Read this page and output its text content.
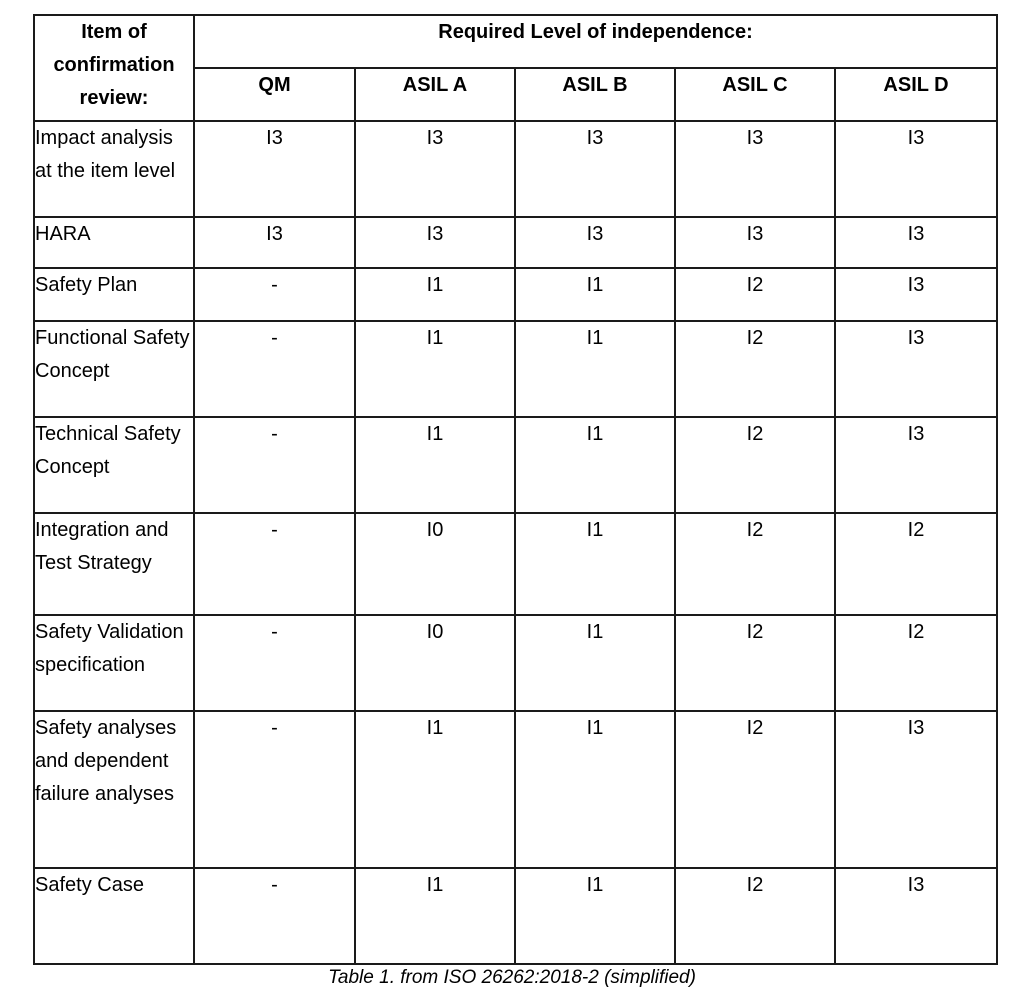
Item of confirmation review:	Required Level of independence:				
	QM	ASIL A	ASIL B	ASIL C	ASIL D
Impact analysis at the item level	I3	I3	I3	I3	I3
HARA	I3	I3	I3	I3	I3
Safety Plan	-	I1	I1	I2	I3
Functional Safety Concept	-	I1	I1	I2	I3
Technical Safety Concept	-	I1	I1	I2	I3
Integration and Test Strategy	-	I0	I1	I2	I2
Safety Validation specification	-	I0	I1	I2	I2
Safety analyses and dependent failure analyses	-	I1	I1	I2	I3
Safety Case	-	I1	I1	I2	I3
Table 1. from ISO 26262:2018-2 (simplified)
